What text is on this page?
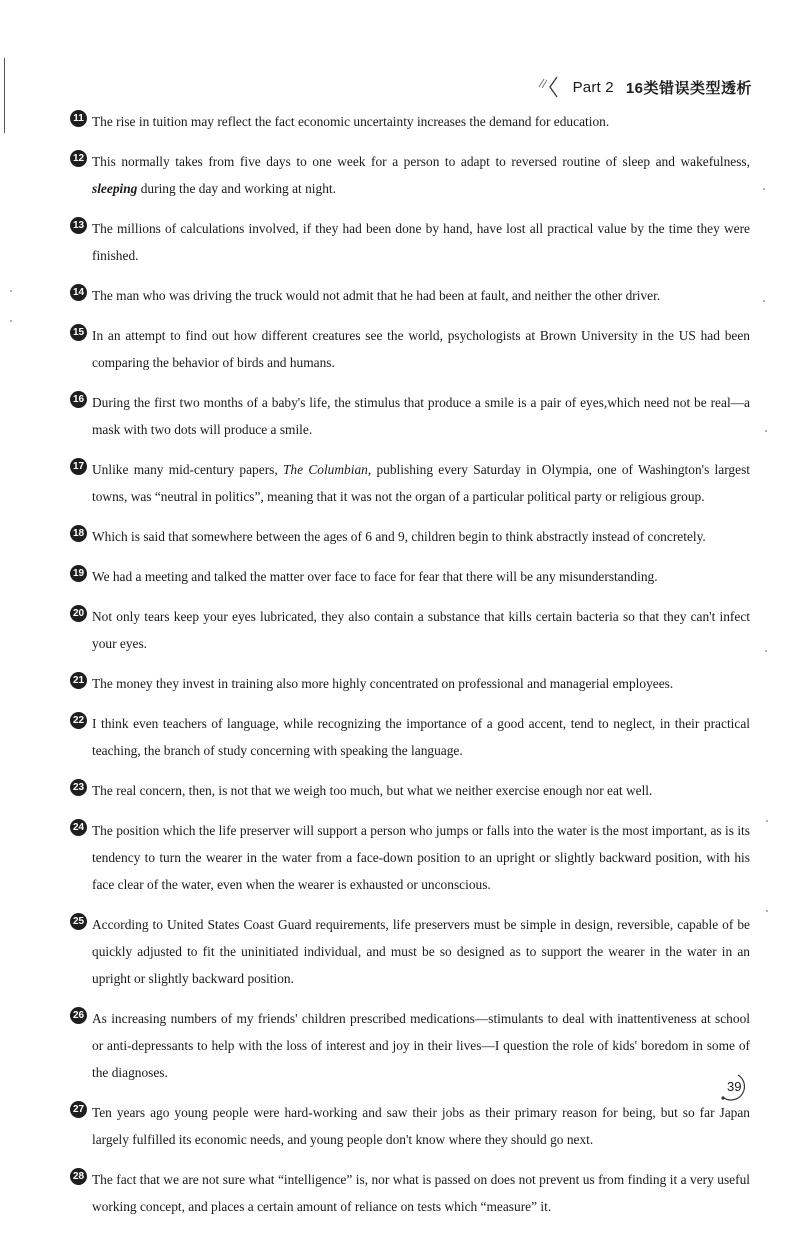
Part 2 16类错误类型透析
11 The rise in tuition may reflect the fact economic uncertainty increases the demand for education.

12 This normally takes from five days to one week for a person to adapt to reversed routine of sleep and wakefulness, sleeping during the day and working at night.

13 The millions of calculations involved, if they had been done by hand, have lost all practical value by the time they were finished.

14 The man who was driving the truck would not admit that he had been at fault, and neither the other driver.

15 In an attempt to find out how different creatures see the world, psychologists at Brown University in the US had been comparing the behavior of birds and humans.

16 During the first two months of a baby's life, the stimulus that produce a smile is a pair of eyes,which need not be real—a mask with two dots will produce a smile.

17 Unlike many mid-century papers, The Columbian, publishing every Saturday in Olympia, one of Washington's largest towns, was “neutral in politics”, meaning that it was not the organ of a particular political party or religious group.

18 Which is said that somewhere between the ages of 6 and 9, children begin to think abstractly instead of concretely.

19 We had a meeting and talked the matter over face to face for fear that there will be any misunderstanding.

20 Not only tears keep your eyes lubricated, they also contain a substance that kills certain bacteria so that they can't infect your eyes.

21 The money they invest in training also more highly concentrated on professional and managerial employees.

22 I think even teachers of language, while recognizing the importance of a good accent, tend to neglect, in their practical teaching, the branch of study concerning with speaking the language.

23 The real concern, then, is not that we weigh too much, but what we neither exercise enough nor eat well.

24 The position which the life preserver will support a person who jumps or falls into the water is the most important, as is its tendency to turn the wearer in the water from a face-down position to an upright or slightly backward position, with his face clear of the water, even when the wearer is exhausted or unconscious.

25 According to United States Coast Guard requirements, life preservers must be simple in design, reversible, capable of be quickly adjusted to fit the uninitiated individual, and must be so designed as to support the wearer in the water in an upright or slightly backward position.

26 As increasing numbers of my friends' children prescribed medications—stimulants to deal with inattentiveness at school or anti-depressants to help with the loss of interest and joy in their lives—I question the role of kids' boredom in some of the diagnoses.

27 Ten years ago young people were hard-working and saw their jobs as their primary reason for being, but so far Japan largely fulfilled its economic needs, and young people don't know where they should go next.

28 The fact that we are not sure what “intelligence” is, nor what is passed on does not prevent us from finding it a very useful working concept, and places a certain amount of reliance on tests which “measure” it.

39
